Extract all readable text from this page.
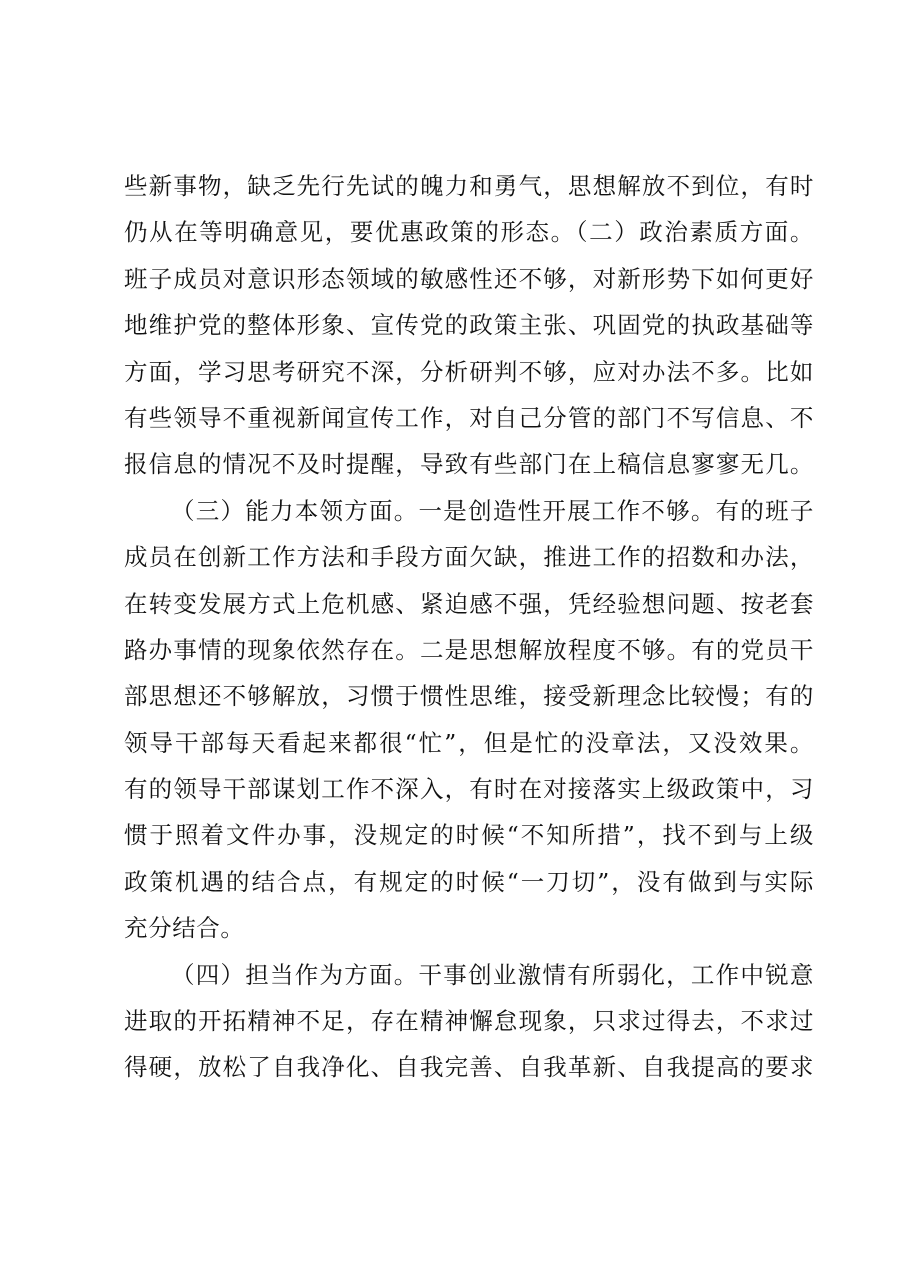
些新事物，缺乏先行先试的魄力和勇气，思想解放不到位，有时
仍从在等明确意见，要优惠政策的形态。（二）政治素质方面。
班子成员对意识形态领域的敏感性还不够，对新形势下如何更好
地维护党的整体形象、宣传党的政策主张、巩固党的执政基础等
方面，学习思考研究不深，分析研判不够，应对办法不多。比如
有些领导不重视新闻宣传工作，对自己分管的部门不写信息、不
报信息的情况不及时提醒，导致有些部门在上稿信息寥寥无几。
（三）能力本领方面。一是创造性开展工作不够。有的班子
成员在创新工作方法和手段方面欠缺，推进工作的招数和办法，
在转变发展方式上危机感、紧迫感不强，凭经验想问题、按老套
路办事情的现象依然存在。二是思想解放程度不够。有的党员干
部思想还不够解放，习惯于惯性思维，接受新理念比较慢；有的
领导干部每天看起来都很“忙”，但是忙的没章法，又没效果。
有的领导干部谋划工作不深入，有时在对接落实上级政策中，习
惯于照着文件办事，没规定的时候“不知所措”，找不到与上级
政策机遇的结合点，有规定的时候“一刀切”，没有做到与实际
充分结合。
（四）担当作为方面。干事创业激情有所弱化，工作中锐意
进取的开拓精神不足，存在精神懈怠现象，只求过得去，不求过
得硬，放松了自我净化、自我完善、自我革新、自我提高的要求
